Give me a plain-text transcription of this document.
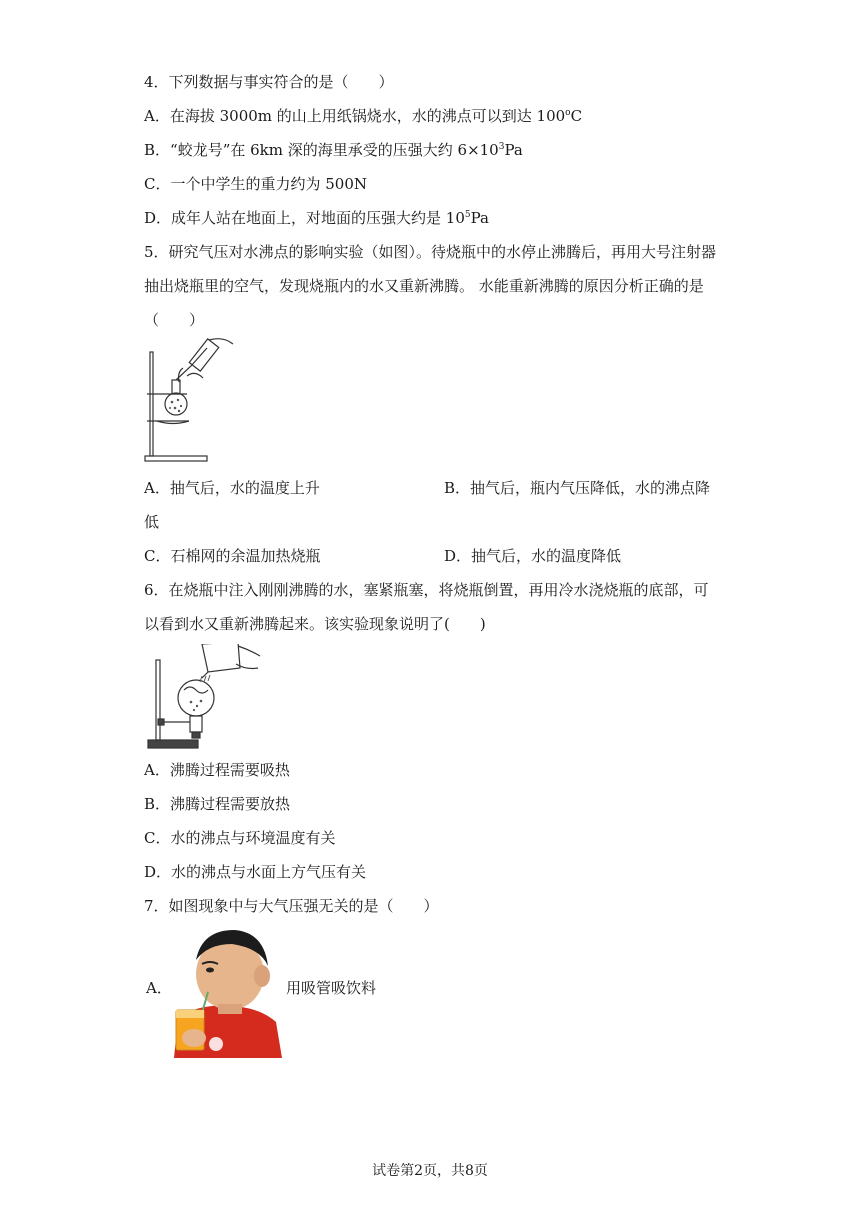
4．下列数据与事实符合的是（　　）
A．在海拔 3000m 的山上用纸锅烧水，水的沸点可以到达 100$^o$C
B．“蛟龙号”在 6km 深的海里承受的压强大约 $6\times 10^3Pa$
C．一个中学生的重力约为 500N
D．成年人站在地面上，对地面的压强大约是 $10^5Pa$
5．研究气压对水沸点的影响实验（如图）。待烧瓶中的水停止沸腾后，再用大号注射器
抽出烧瓶里的空气，发现烧瓶内的水又重新沸腾。 水能重新沸腾的原因分析正确的是
（　　）
A．抽气后，水的温度上升	B．抽气后，瓶内气压降低，水的沸点降
低
C．石棉网的余温加热烧瓶	D．抽气后，水的温度降低
6．在烧瓶中注入刚刚沸腾的水，塞紧瓶塞，将烧瓶倒置，再用冷水浇烧瓶的底部，可
以看到水又重新沸腾起来。该实验现象说明了(　　)
A．沸腾过程需要吸热
B．沸腾过程需要放热
C．水的沸点与环境温度有关
D．水的沸点与水面上方气压有关
7．如图现象中与大气压强无关的是（　　）
A．	用吸管吸饮料
试卷第2页，共8页
